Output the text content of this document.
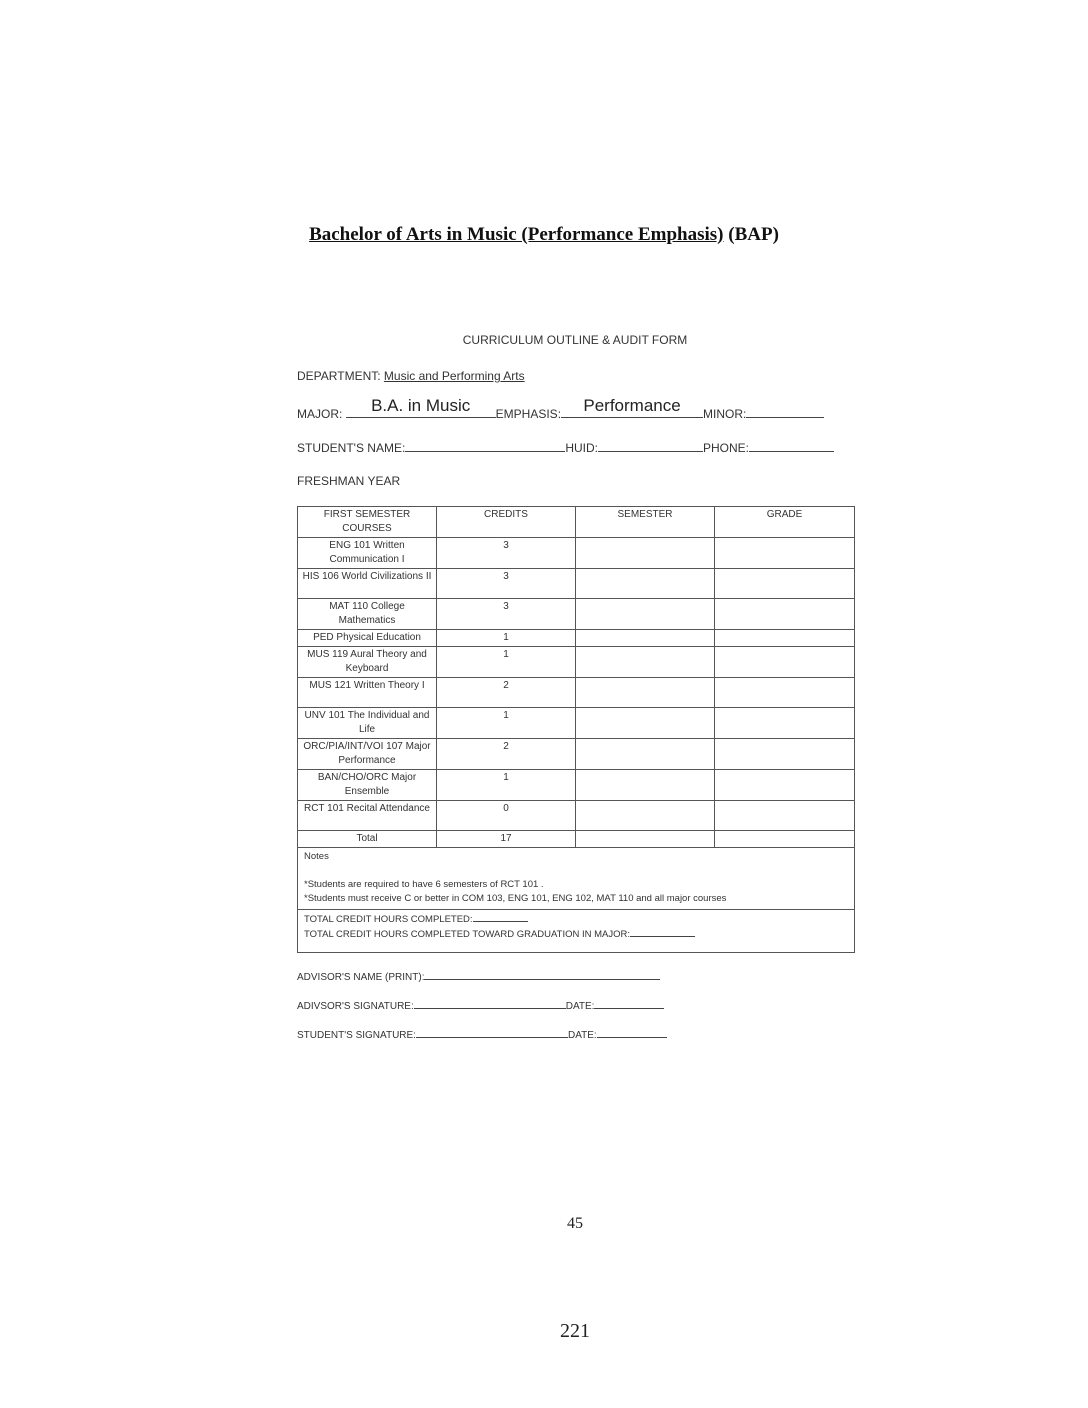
Bachelor of Arts in Music (Performance Emphasis) (BAP)
CURRICULUM OUTLINE & AUDIT FORM
DEPARTMENT: Music and Performing Arts
MAJOR:	B.A. in Music	EMPHASIS:	Performance	MINOR:
STUDENT'S NAME:	HUID:	PHONE:
FRESHMAN YEAR
FIRST SEMESTER COURSES	CREDITS	SEMESTER	GRADE
ENG 101 Written Communication I	3		
HIS 106 World Civilizations II	3		
MAT 110 College Mathematics	3		
PED Physical Education	1		
MUS 119 Aural Theory and Keyboard	1		
MUS 121 Written Theory I	2		
UNV 101 The Individual and Life	1		
ORC/PIA/INT/VOI 107 Major Performance	2		
BAN/CHO/ORC Major Ensemble	1		
RCT 101 Recital Attendance	0		
Total	17		

Notes
*Students are required to have 6 semesters of RCT 101 .
*Students must receive C or better in COM 103, ENG 101, ENG 102, MAT 110 and all major courses			

TOTAL CREDIT HOURS COMPLETED:
TOTAL CREDIT HOURS COMPLETED TOWARD GRADUATION IN MAJOR:			
ADVISOR'S NAME (PRINT):
ADIVSOR'S SIGNATURE:	DATE:
STUDENT'S SIGNATURE:	DATE:
45
221
